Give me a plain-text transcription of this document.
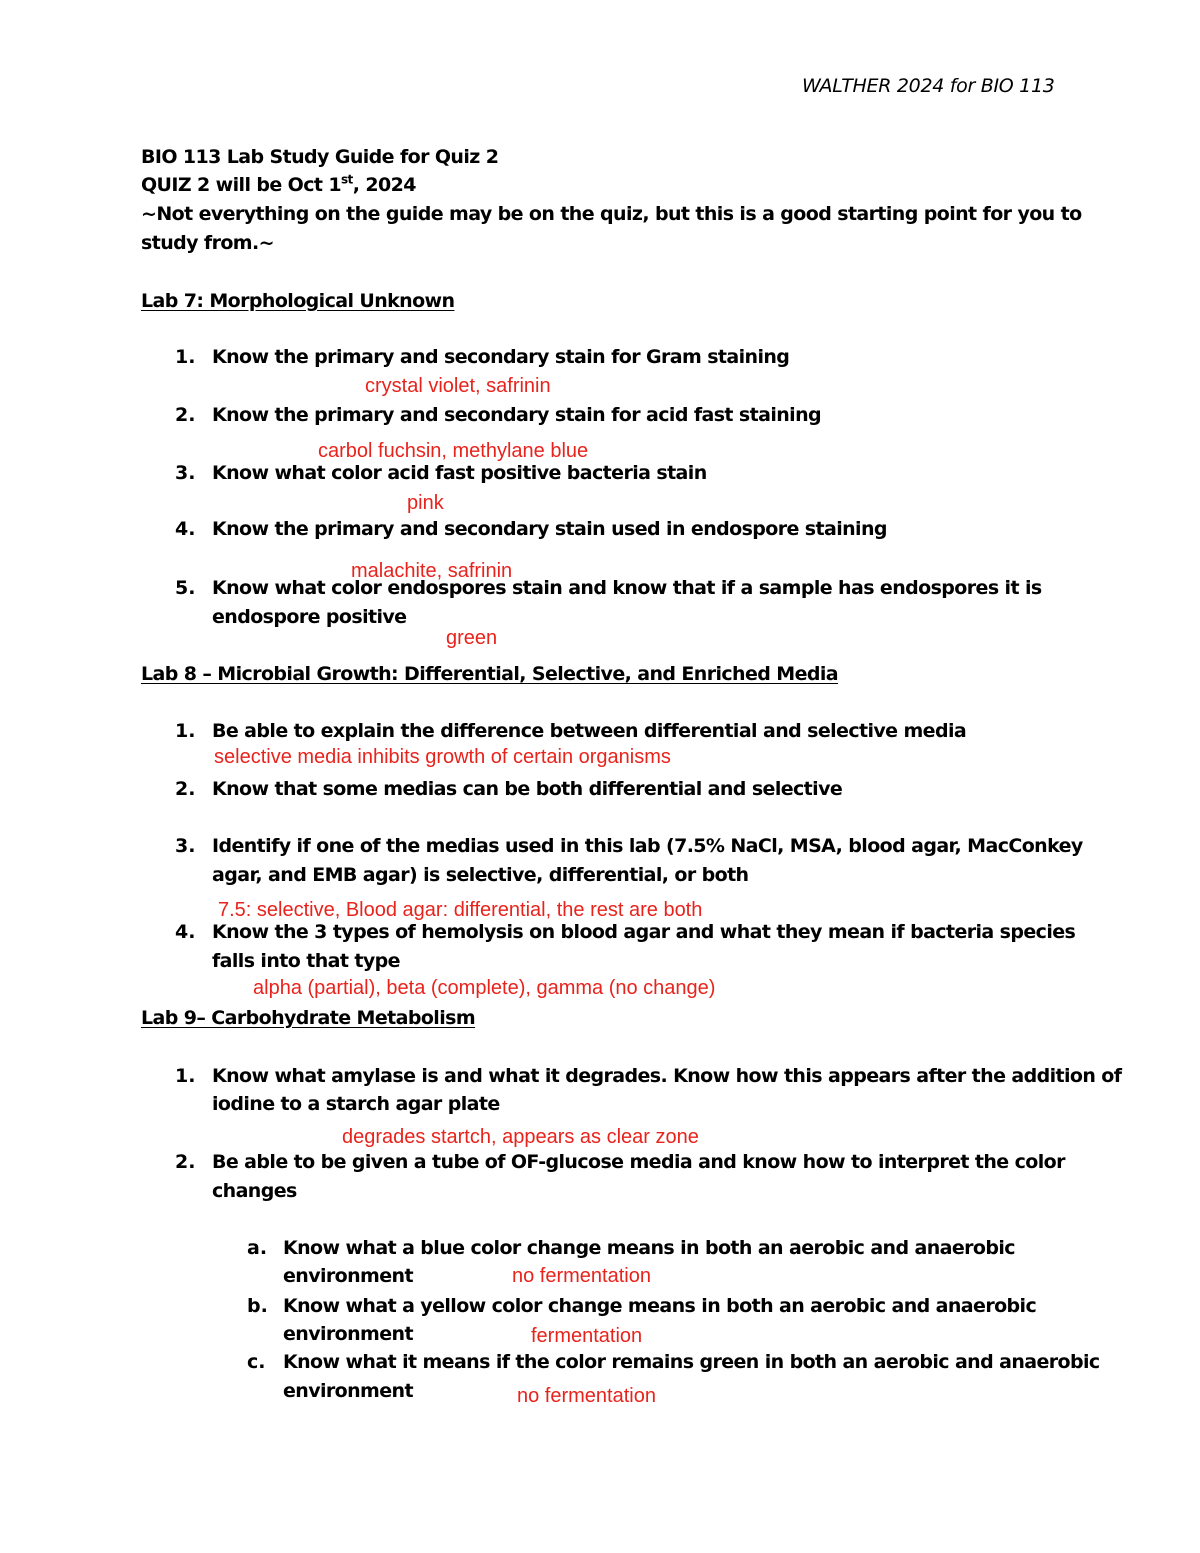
WALTHER 2024 for BIO 113
BIO 113 Lab Study Guide for Quiz 2
QUIZ 2 will be Oct 1st, 2024
~Not everything on the guide may be on the quiz, but this is a good starting point for you to
study from.~
Lab 7: Morphological Unknown
1. Know the primary and secondary stain for Gram staining
crystal violet, safrinin
2. Know the primary and secondary stain for acid fast staining
carbol fuchsin, methylane blue
3. Know what color acid fast positive bacteria stain
pink
4. Know the primary and secondary stain used in endospore staining
malachite, safrinin
5. Know what color endospores stain and know that if a sample has endospores it is
endospore positive
green
Lab 8 – Microbial Growth: Differential, Selective, and Enriched Media
1. Be able to explain the difference between differential and selective media
selective media inhibits growth of certain organisms
2. Know that some medias can be both differential and selective
3. Identify if one of the medias used in this lab (7.5% NaCl, MSA, blood agar, MacConkey
agar, and EMB agar) is selective, differential, or both
7.5: selective, Blood agar: differential, the rest are both
4. Know the 3 types of hemolysis on blood agar and what they mean if bacteria species
falls into that type
alpha (partial), beta (complete), gamma (no change)
Lab 9– Carbohydrate Metabolism
1. Know what amylase is and what it degrades. Know how this appears after the addition of
iodine to a starch agar plate
degrades startch, appears as clear zone
2. Be able to be given a tube of OF-glucose media and know how to interpret the color
changes
a. Know what a blue color change means in both an aerobic and anaerobic
environment	no fermentation
b. Know what a yellow color change means in both an aerobic and anaerobic
environment	fermentation
c. Know what it means if the color remains green in both an aerobic and anaerobic
environment	no fermentation
